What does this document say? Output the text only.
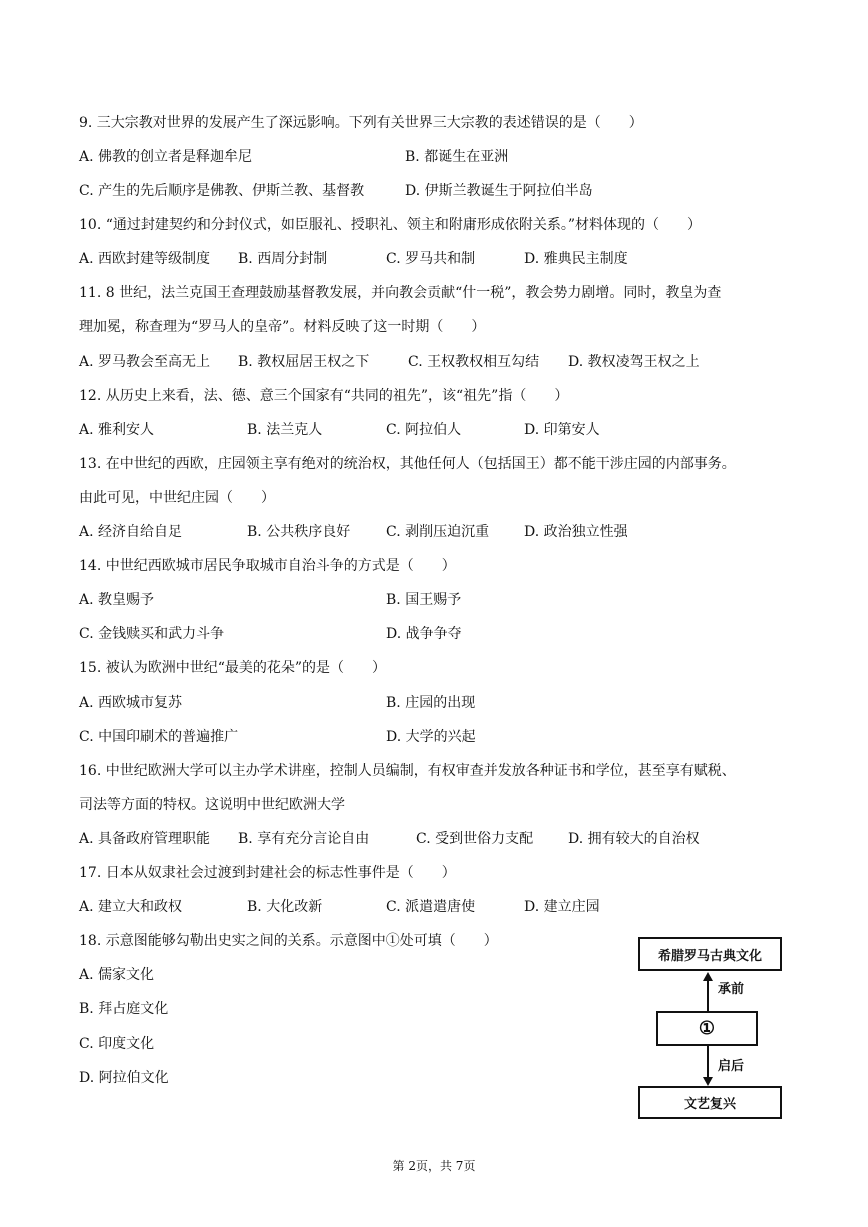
9. 三大宗教对世界的发展产生了深远影响。下列有关世界三大宗教的表述错误的是（　　）
A. 佛教的创立者是释迦牟尼	B. 都诞生在亚洲
C. 产生的先后顺序是佛教、伊斯兰教、基督教	D. 伊斯兰教诞生于阿拉伯半岛
10. “通过封建契约和分封仪式，如臣服礼、授职礼、领主和附庸形成依附关系。”材料体现的（　　）
A. 西欧封建等级制度 B. 西周分封制	C. 罗马共和制	D. 雅典民主制度
11. 8 世纪，法兰克国王查理鼓励基督教发展，并向教会贡献“什一税”，教会势力剧增。同时，教皇为查
理加冕，称查理为“罗马人的皇帝”。材料反映了这一时期（　　）
A. 罗马教会至高无上 B. 教权屈居王权之下	C. 王权教权相互勾结 D. 教权凌驾王权之上
12. 从历史上来看，法、德、意三个国家有“共同的祖先”，该“祖先”指（　　）
A. 雅利安人	B. 法兰克人	C. 阿拉伯人	D. 印第安人
13. 在中世纪的西欧，庄园领主享有绝对的统治权，其他任何人（包括国王）都不能干涉庄园的内部事务。
由此可见，中世纪庄园（　　）
A. 经济自给自足	B. 公共秩序良好	C. 剥削压迫沉重 D. 政治独立性强
14. 中世纪西欧城市居民争取城市自治斗争的方式是（　　）
A. 教皇赐予	B. 国王赐予
C. 金钱赎买和武力斗争	D. 战争争夺
15. 被认为欧洲中世纪“最美的花朵”的是（　　）
A. 西欧城市复苏	B. 庄园的出现
C. 中国印刷术的普遍推广	D. 大学的兴起
16. 中世纪欧洲大学可以主办学术讲座，控制人员编制，有权审查并发放各种证书和学位，甚至享有赋税、
司法等方面的特权。这说明中世纪欧洲大学
A. 具备政府管理职能 B. 享有充分言论自由	C. 受到世俗力支配 D. 拥有较大的自治权
17. 日本从奴隶社会过渡到封建社会的标志性事件是（　　）
A. 建立大和政权	B. 大化改新	C. 派遣遣唐使	D. 建立庄园
18. 示意图能够勾勒出史实之间的关系。示意图中①处可填（　　）
A. 儒家文化
B. 拜占庭文化
C. 印度文化
D. 阿拉伯文化
希腊罗马古典文化
承前
①
启后
文艺复兴
第 2页，共 7页
